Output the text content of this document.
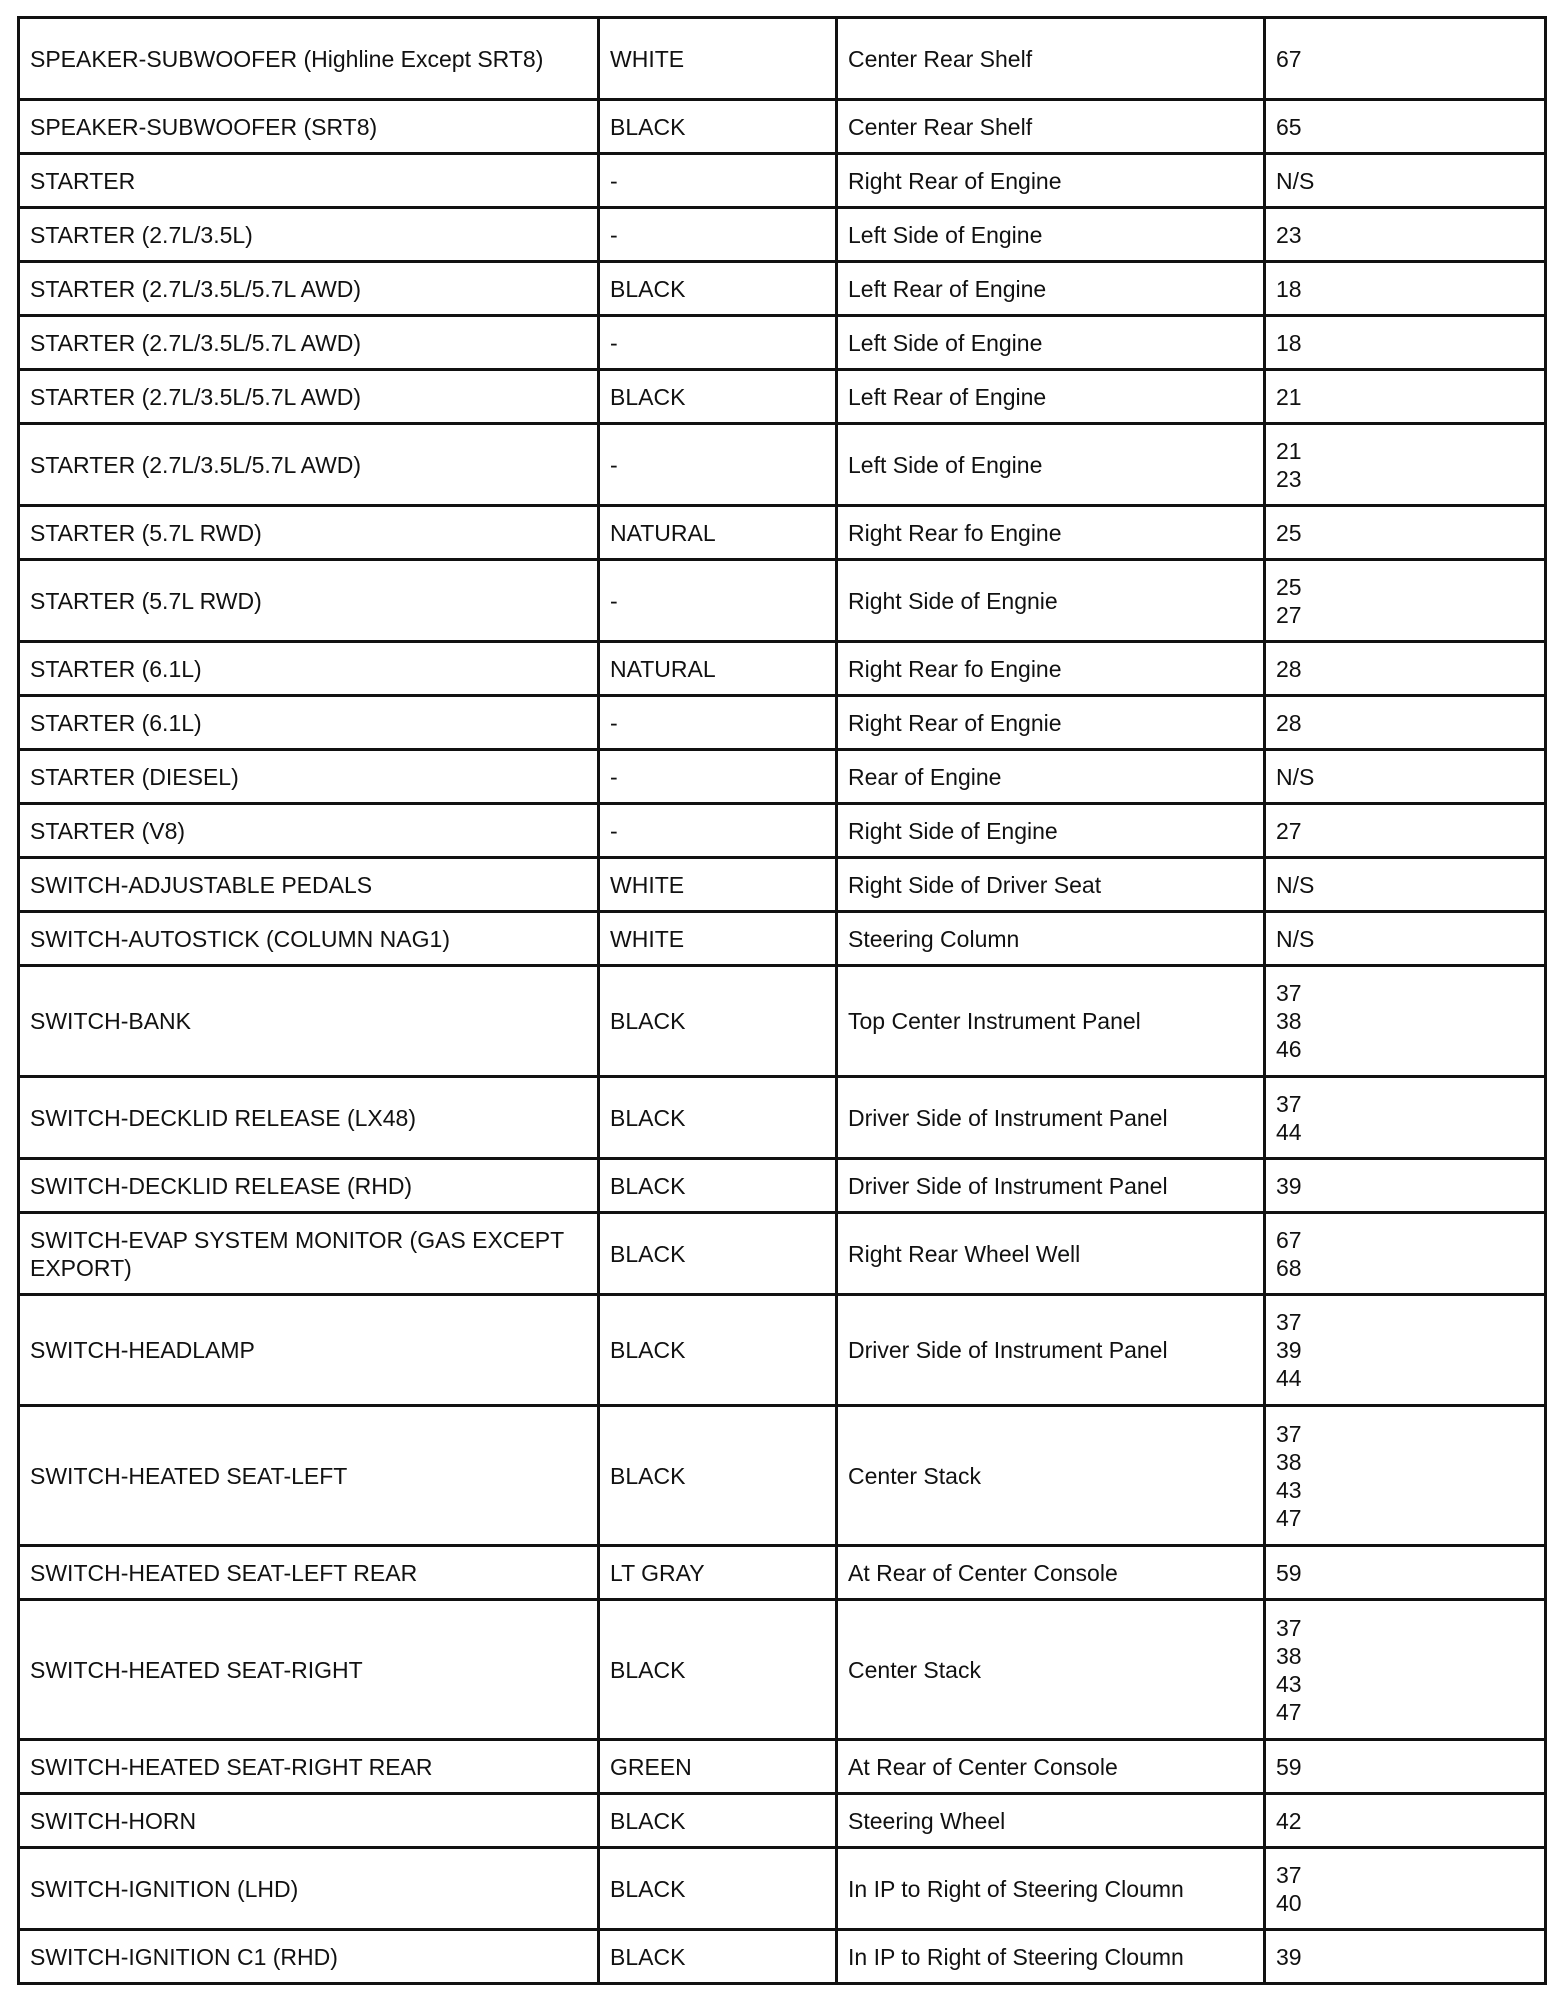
SPEAKER-SUBWOOFER (Highline Except SRT8)	WHITE	Center Rear Shelf	67

SPEAKER-SUBWOOFER (SRT8)	BLACK	Center Rear Shelf	65

STARTER	-	Right Rear of Engine	N/S

STARTER (2.7L/3.5L)	-	Left Side of Engine	23

STARTER (2.7L/3.5L/5.7L AWD)	BLACK	Left Rear of Engine	18

STARTER (2.7L/3.5L/5.7L AWD)	-	Left Side of Engine	18

STARTER (2.7L/3.5L/5.7L AWD)	BLACK	Left Rear of Engine	21

STARTER (2.7L/3.5L/5.7L AWD)	-	Left Side of Engine	21
23

STARTER (5.7L RWD)	NATURAL	Right Rear fo Engine	25

STARTER (5.7L RWD)	-	Right Side of Engnie	25
27

STARTER (6.1L)	NATURAL	Right Rear fo Engine	28

STARTER (6.1L)	-	Right Rear of Engnie	28

STARTER (DIESEL)	-	Rear of Engine	N/S

STARTER (V8)	-	Right Side of Engine	27

SWITCH-ADJUSTABLE PEDALS	WHITE	Right Side of Driver Seat	N/S

SWITCH-AUTOSTICK (COLUMN NAG1)	WHITE	Steering Column	N/S

SWITCH-BANK	BLACK	Top Center Instrument Panel	37
38
46

SWITCH-DECKLID RELEASE (LX48)	BLACK	Driver Side of Instrument Panel	37
44

SWITCH-DECKLID RELEASE (RHD)	BLACK	Driver Side of Instrument Panel	39

SWITCH-EVAP SYSTEM MONITOR (GAS EXCEPT EXPORT)	BLACK	Right Rear Wheel Well	67
68

SWITCH-HEADLAMP	BLACK	Driver Side of Instrument Panel	37
39
44

SWITCH-HEATED SEAT-LEFT	BLACK	Center Stack	37
38
43
47

SWITCH-HEATED SEAT-LEFT REAR	LT GRAY	At Rear of Center Console	59

SWITCH-HEATED SEAT-RIGHT	BLACK	Center Stack	37
38
43
47

SWITCH-HEATED SEAT-RIGHT REAR	GREEN	At Rear of Center Console	59

SWITCH-HORN	BLACK	Steering Wheel	42

SWITCH-IGNITION (LHD)	BLACK	In IP to Right of Steering Cloumn	37
40

SWITCH-IGNITION C1 (RHD)	BLACK	In IP to Right of Steering Cloumn	39
